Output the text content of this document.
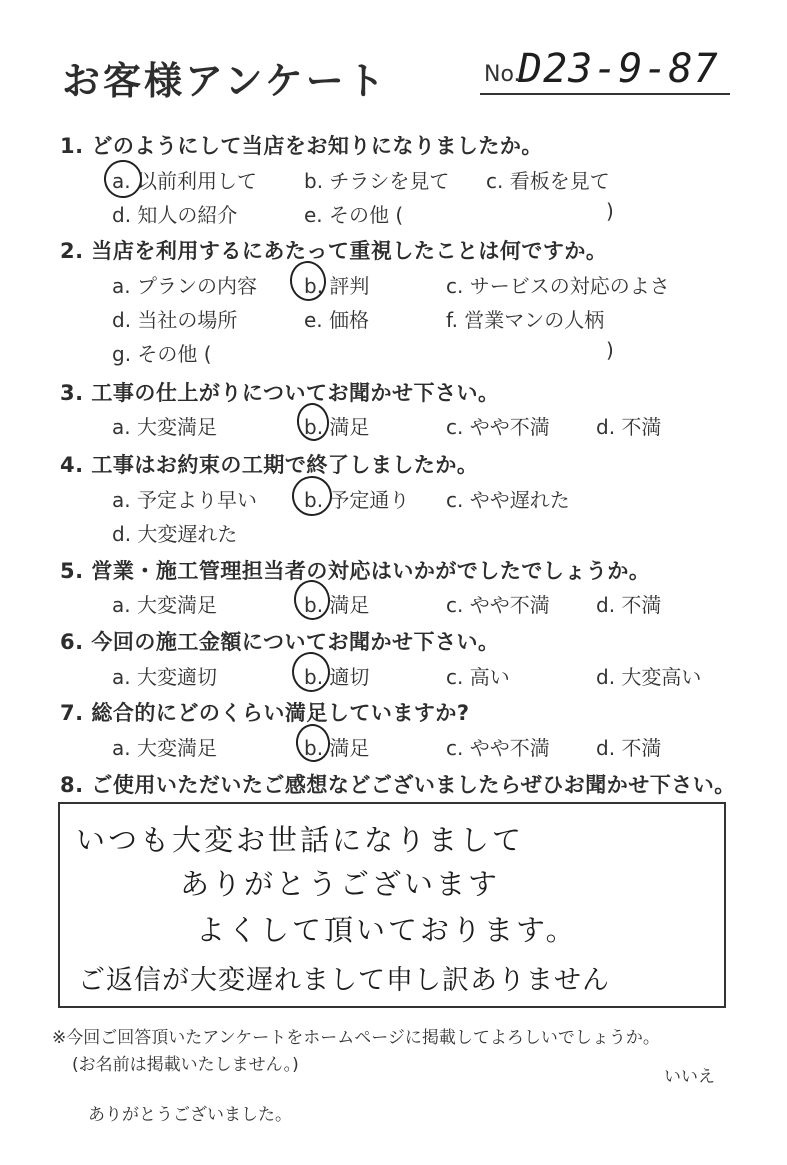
お客様アンケート	No.
D23-9-87
1. どのようにして当店をお知りになりましたか。
a. 以前利用して b. チラシを見て c. 看板を見て
d. 知人の紹介	e. その他 (	)
2. 当店を利用するにあたって重視したことは何ですか。
a. プランの内容 b. 評判	c. サービスの対応のよさ
d. 当社の場所	e. 価格	f. 営業マンの人柄
g. その他 (	)
3. 工事の仕上がりについてお聞かせ下さい。
a. 大変満足	b. 満足	c. やや不満 d. 不満
4. 工事はお約束の工期で終了しましたか。
a. 予定より早い b. 予定通り c. やや遅れた
d. 大変遅れた
5. 営業・施工管理担当者の対応はいかがでしたでしょうか。
a. 大変満足	b. 満足	c. やや不満 d. 不満
6. 今回の施工金額についてお聞かせ下さい。
a. 大変適切	b. 適切	c. 高い	d. 大変高い
7. 総合的にどのくらい満足していますか?
a. 大変満足	b. 満足	c. やや不満 d. 不満
8. ご使用いただいたご感想などございましたらぜひお聞かせ下さい。
いつも大変お世話になりまして
ありがとうございます
よくして頂いております。
ご返信が大変遅れまして申し訳ありません
※今回ご回答頂いたアンケートをホームページに掲載してよろしいでしょうか。
(お名前は掲載いたしません。)
いいえ
ありがとうございました。
